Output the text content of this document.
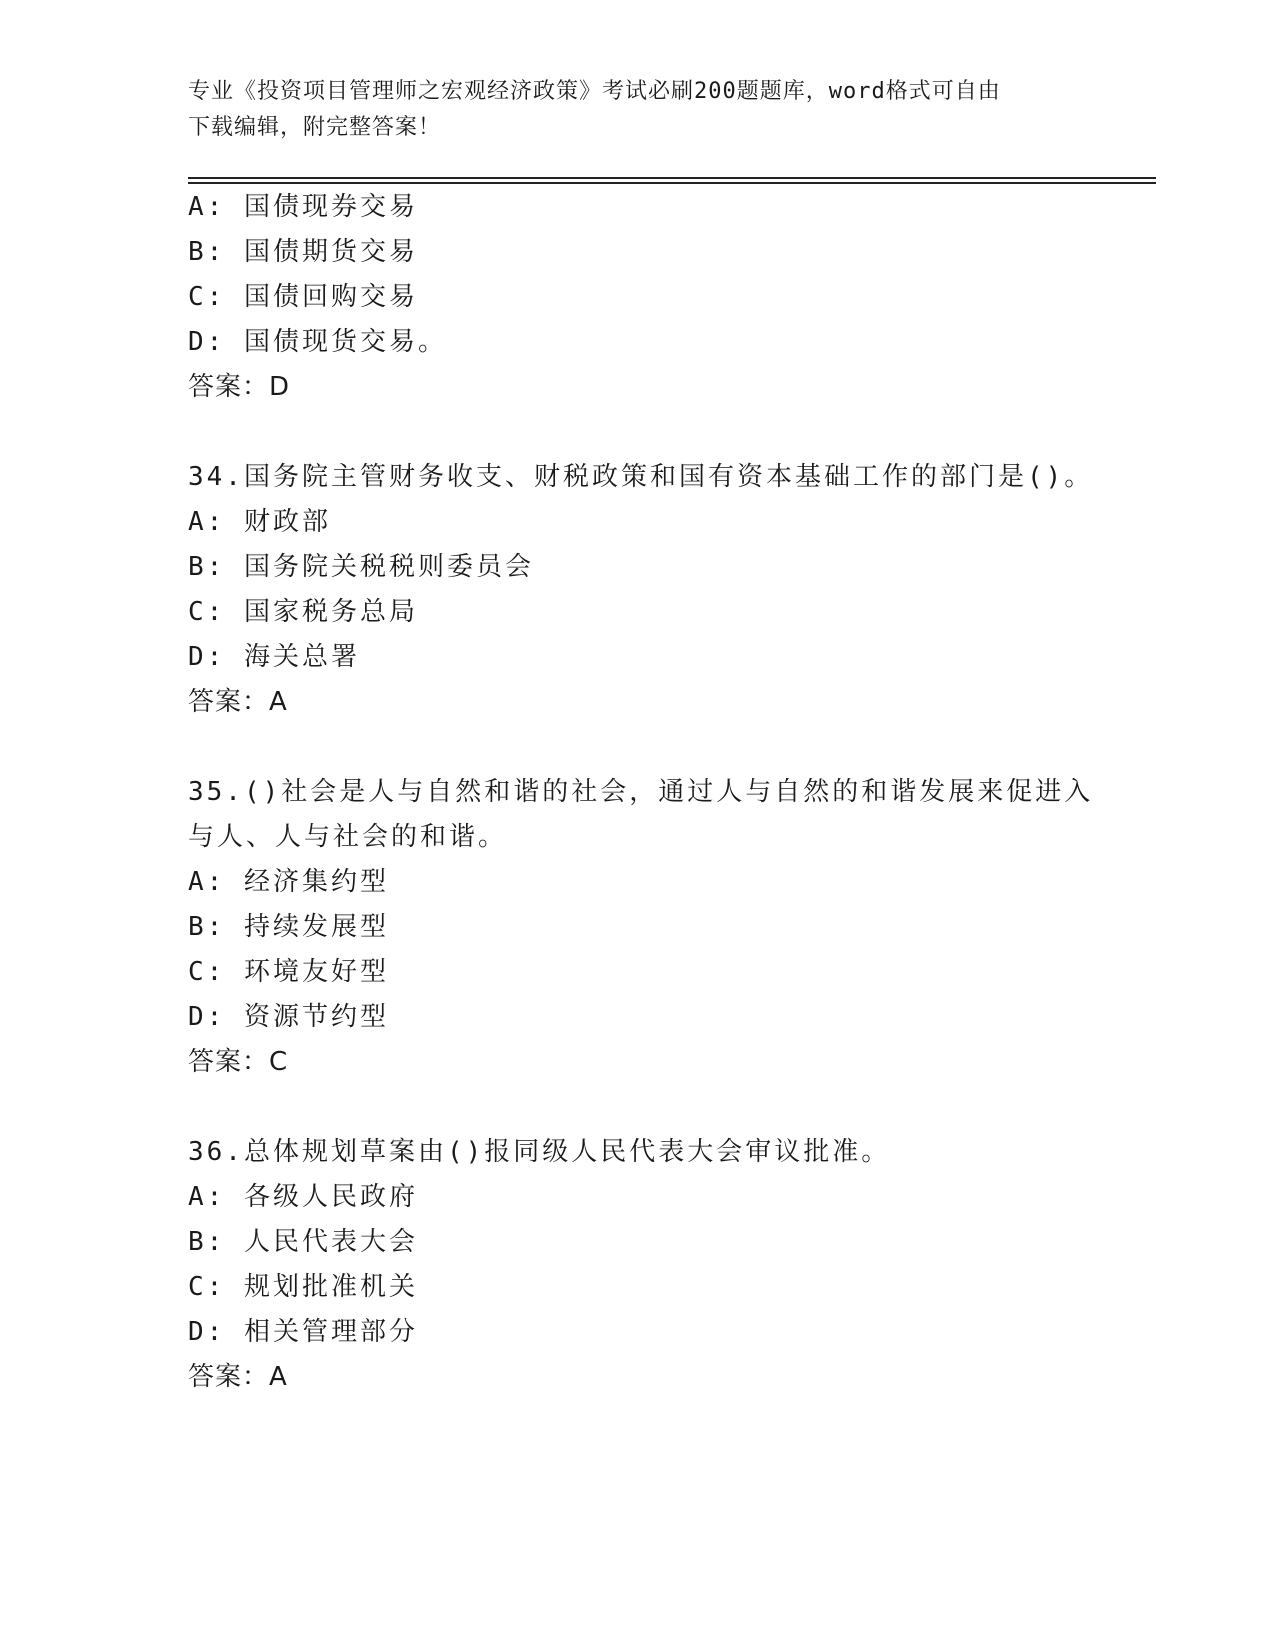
专业《投资项目管理师之宏观经济政策》考试必刷200题题库，word格式可自由
下载编辑，附完整答案！
A: 国债现券交易
B: 国债期货交易
C: 国债回购交易
D: 国债现货交易。
答案：D
34.国务院主管财务收支、财税政策和国有资本基础工作的部门是()。
A: 财政部
B: 国务院关税税则委员会
C: 国家税务总局
D: 海关总署
答案：A
35.()社会是人与自然和谐的社会，通过人与自然的和谐发展来促进入
与人、人与社会的和谐。
A: 经济集约型
B: 持续发展型
C: 环境友好型
D: 资源节约型
答案：C
36.总体规划草案由()报同级人民代表大会审议批准。
A: 各级人民政府
B: 人民代表大会
C: 规划批准机关
D: 相关管理部分
答案：A
